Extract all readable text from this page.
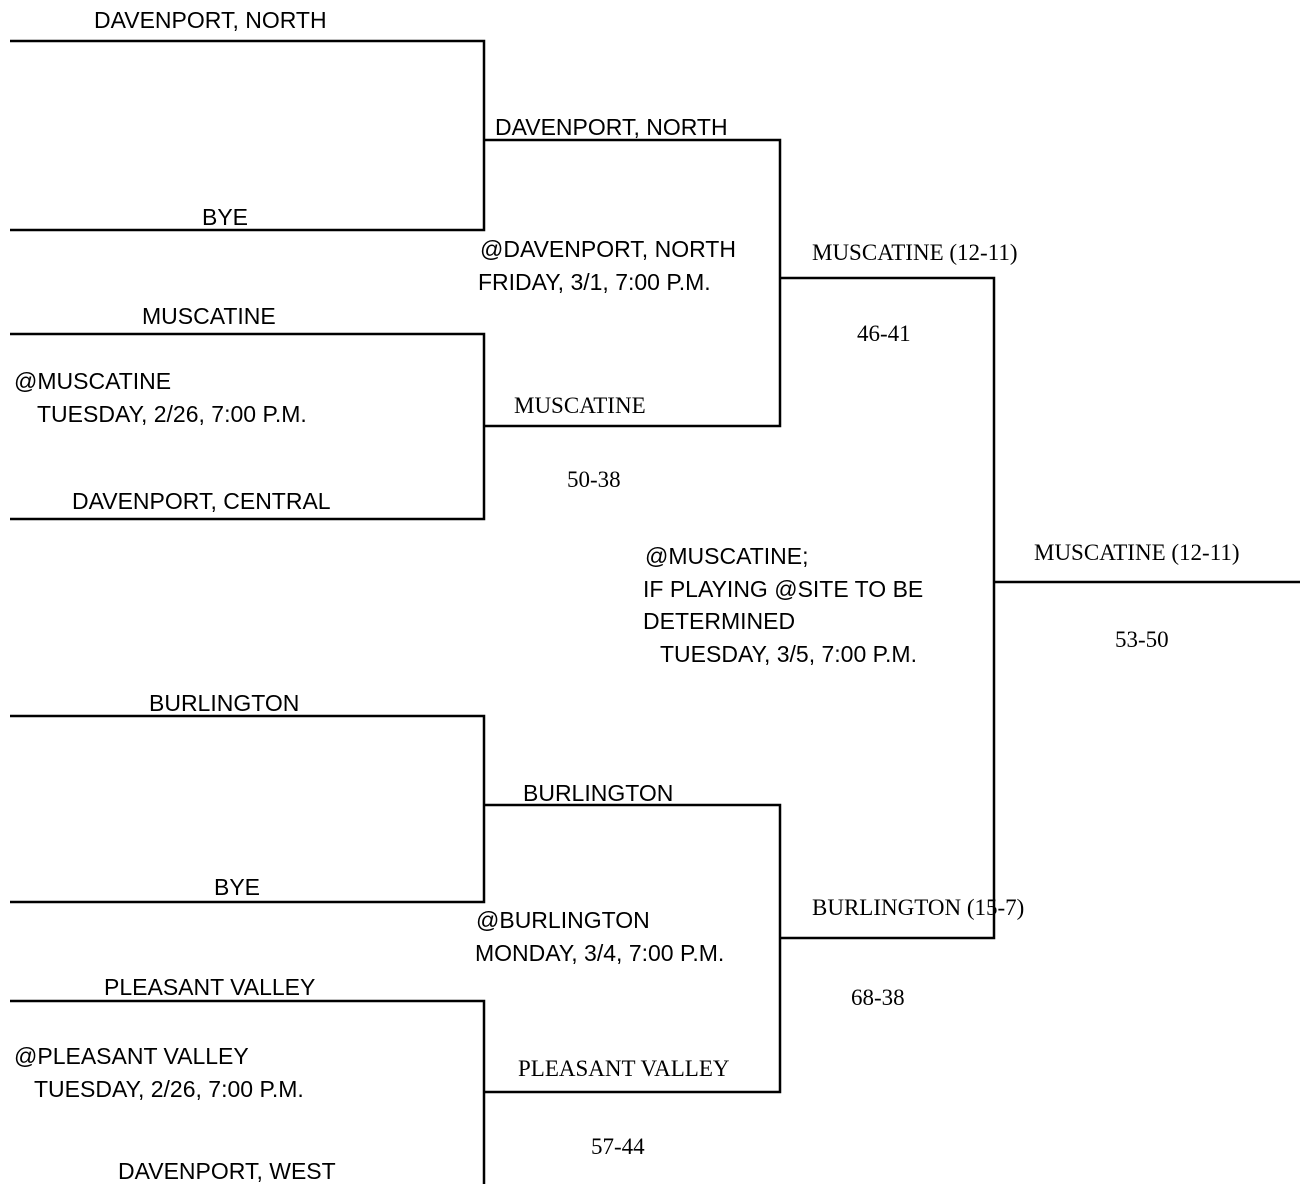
DAVENPORT, NORTH
BYE
MUSCATINE
@MUSCATINE
TUESDAY, 2/26, 7:00 P.M.
DAVENPORT, CENTRAL
BURLINGTON
BYE
PLEASANT VALLEY
@PLEASANT VALLEY
TUESDAY, 2/26, 7:00 P.M.
DAVENPORT, WEST
DAVENPORT, NORTH
@DAVENPORT, NORTH
FRIDAY, 3/1, 7:00 P.M.
MUSCATINE
50-38
BURLINGTON
@BURLINGTON
MONDAY, 3/4, 7:00 P.M.
PLEASANT VALLEY
57-44
MUSCATINE (12-11)
46-41
BURLINGTON (15-7)
68-38
@MUSCATINE;
IF PLAYING @SITE TO BE
DETERMINED
TUESDAY, 3/5, 7:00 P.M.
MUSCATINE (12-11)
53-50
